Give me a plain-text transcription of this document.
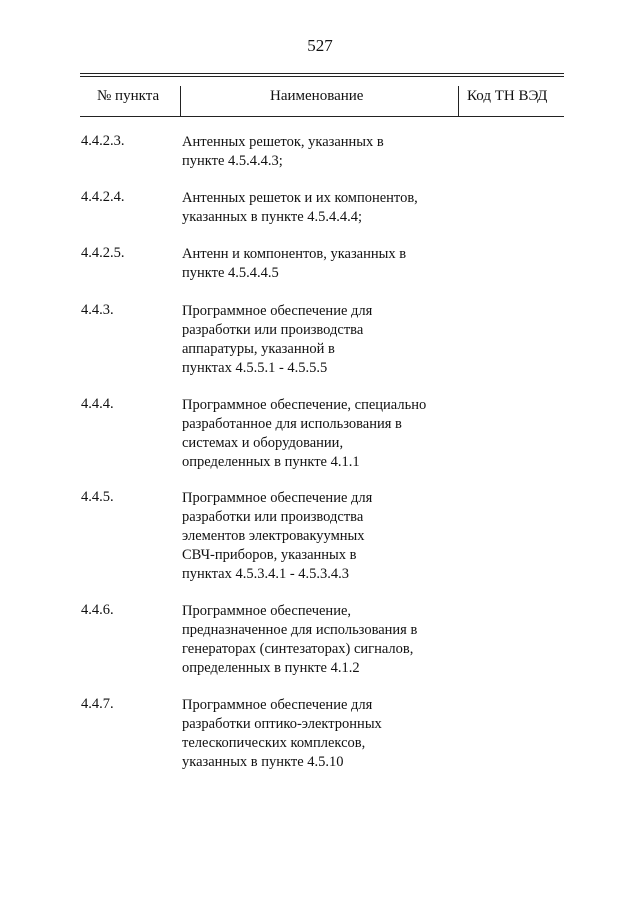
527
№ пункта	Наименование	Код ТН ВЭД
4.4.2.3.	Антенных решеток, указанных в
пункте 4.5.4.4.3;
4.4.2.4.	Антенных решеток и их компонентов,
указанных в пункте 4.5.4.4.4;
4.4.2.5.	Антенн и компонентов, указанных в
пункте 4.5.4.4.5
4.4.3.	Программное обеспечение для
разработки или производства
аппаратуры, указанной в
пунктах 4.5.5.1 - 4.5.5.5
4.4.4.	Программное обеспечение, специально
разработанное для использования в
системах и оборудовании,
определенных в пункте 4.1.1
4.4.5.	Программное обеспечение для
разработки или производства
элементов электровакуумных
СВЧ-приборов, указанных в
пунктах 4.5.3.4.1 - 4.5.3.4.3
4.4.6.	Программное обеспечение,
предназначенное для использования в
генераторах (синтезаторах) сигналов,
определенных в пункте 4.1.2
4.4.7.	Программное обеспечение для
разработки оптико-электронных
телескопических комплексов,
указанных в пункте 4.5.10
